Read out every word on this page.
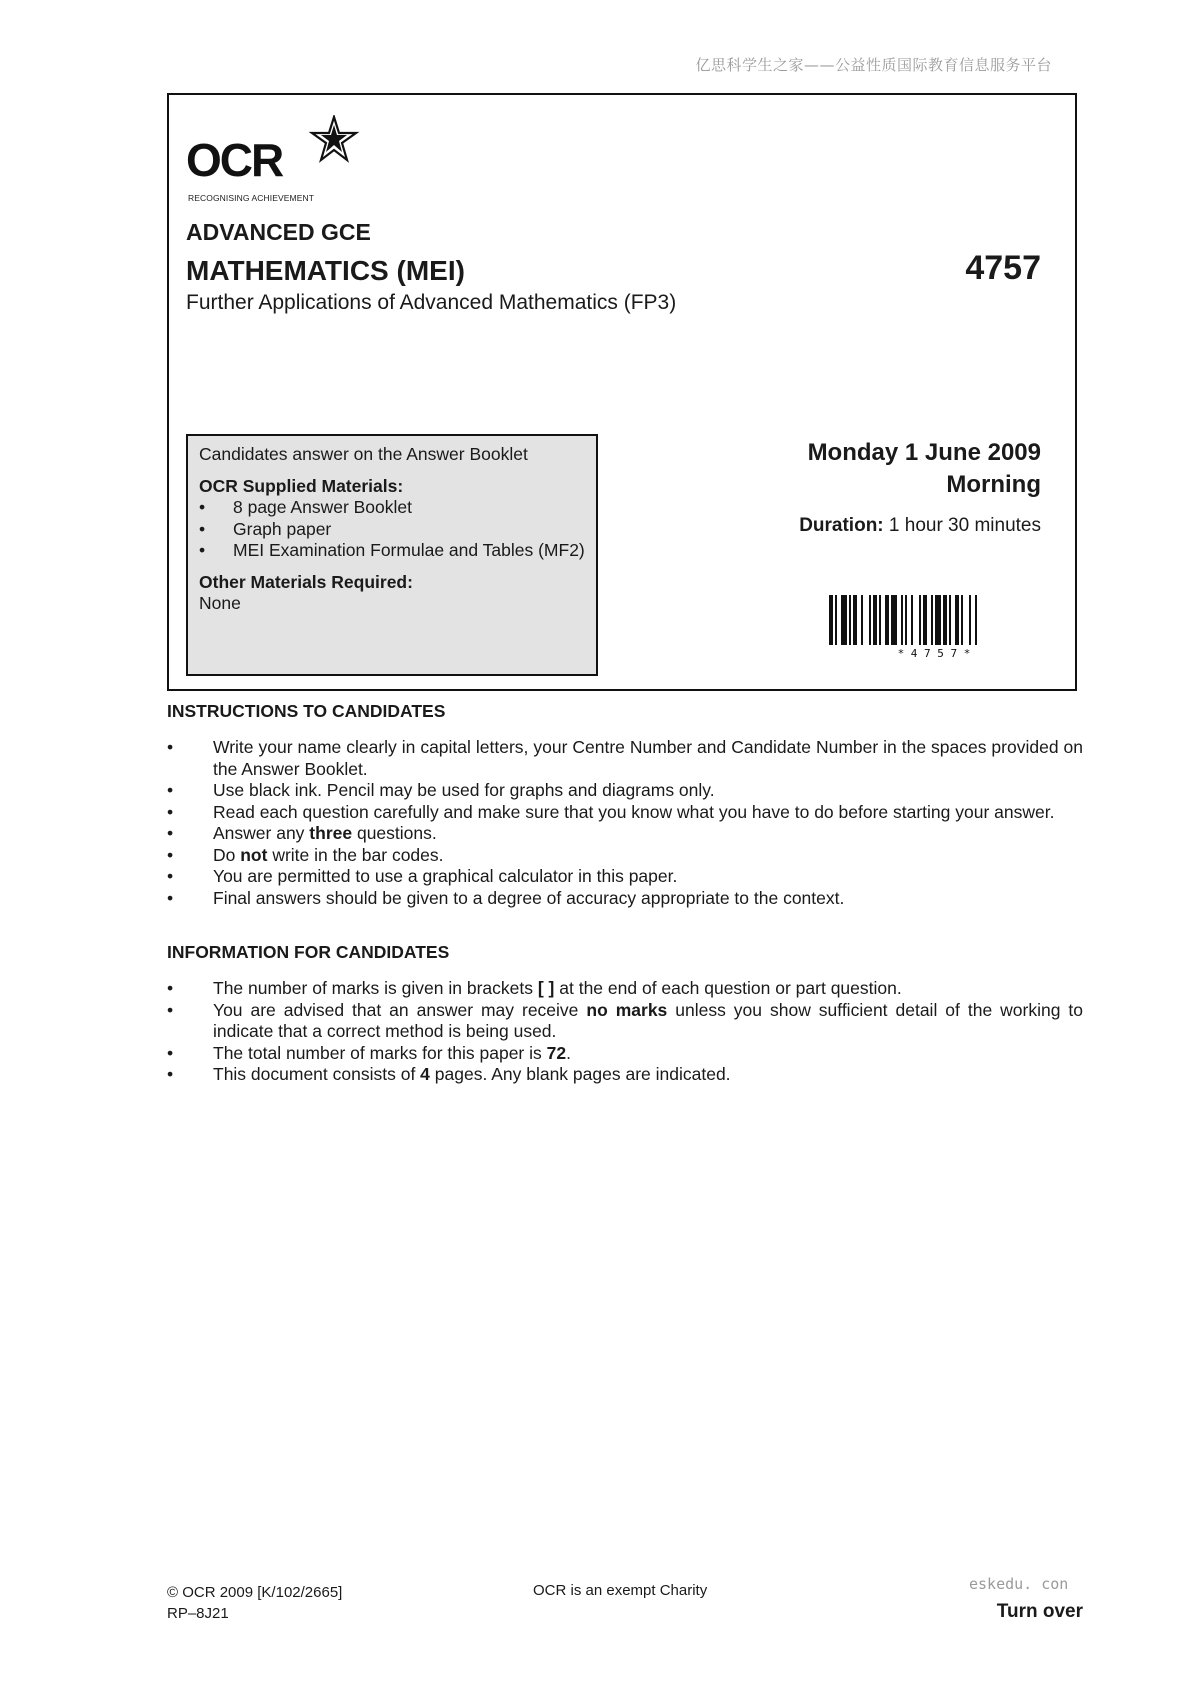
亿思科学生之家——公益性质国际教育信息服务平台
OCR
RECOGNISING ACHIEVEMENT
ADVANCED GCE
MATHEMATICS (MEI)	4757
Further Applications of Advanced Mathematics (FP3)
Candidates answer on the Answer Booklet
OCR Supplied Materials:
• 8 page Answer Booklet
• Graph paper
• MEI Examination Formulae and Tables (MF2)
Other Materials Required:
None
Monday 1 June 2009
Morning
Duration: 1 hour 30 minutes
* 4 7 5 7 *
INSTRUCTIONS TO CANDIDATES
• Write your name clearly in capital letters, your Centre Number and Candidate Number in the spaces provided on the Answer Booklet.
• Use black ink. Pencil may be used for graphs and diagrams only.
• Read each question carefully and make sure that you know what you have to do before starting your answer.
• Answer any three questions.
• Do not write in the bar codes.
• You are permitted to use a graphical calculator in this paper.
• Final answers should be given to a degree of accuracy appropriate to the context.
INFORMATION FOR CANDIDATES
• The number of marks is given in brackets [ ] at the end of each question or part question.
• You are advised that an answer may receive no marks unless you show sufficient detail of the working to indicate that a correct method is being used.
• The total number of marks for this paper is 72.
• This document consists of 4 pages. Any blank pages are indicated.
© OCR 2009 [K/102/2665]
RP–8J21
OCR is an exempt Charity	eskedu. con
Turn over
